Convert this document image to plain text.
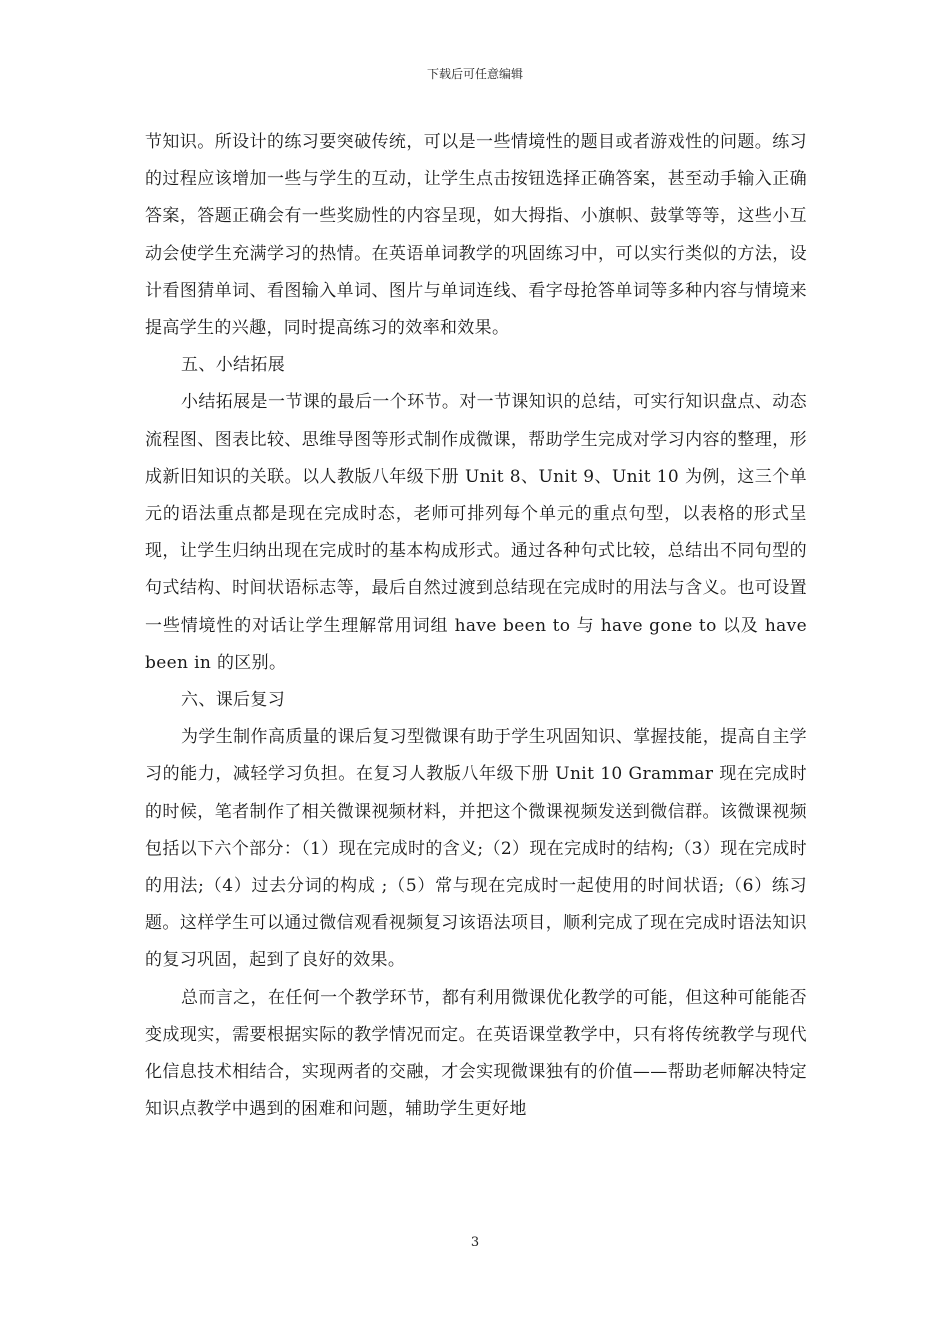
下载后可任意编辑

节知识。所设计的练习要突破传统，可以是一些情境性的题目或者游戏性的问题。练习的过程应该增加一些与学生的互动，让学生点击按钮选择正确答案，甚至动手输入正确答案，答题正确会有一些奖励性的内容呈现，如大拇指、小旗帜、鼓掌等等，这些小互动会使学生充满学习的热情。在英语单词教学的巩固练习中，可以实行类似的方法，设计看图猜单词、看图输入单词、图片与单词连线、看字母抢答单词等多种内容与情境来提高学生的兴趣，同时提高练习的效率和效果。

五、小结拓展

小结拓展是一节课的最后一个环节。对一节课知识的总结，可实行知识盘点、动态流程图、图表比较、思维导图等形式制作成微课，帮助学生完成对学习内容的整理，形成新旧知识的关联。以人教版八年级下册 Unit 8、Unit 9、Unit 10 为例，这三个单元的语法重点都是现在完成时态，老师可排列每个单元的重点句型，以表格的形式呈现，让学生归纳出现在完成时的基本构成形式。通过各种句式比较，总结出不同句型的句式结构、时间状语标志等，最后自然过渡到总结现在完成时的用法与含义。也可设置一些情境性的对话让学生理解常用词组 have been to 与 have gone to 以及 have been in 的区别。

六、课后复习

为学生制作高质量的课后复习型微课有助于学生巩固知识、掌握技能，提高自主学习的能力，减轻学习负担。在复习人教版八年级下册 Unit 10 Grammar 现在完成时的时候，笔者制作了相关微课视频材料，并把这个微课视频发送到微信群。该微课视频包括以下六个部分：（1）现在完成时的含义;（2）现在完成时的结构;（3）现在完成时的用法;（4）过去分词的构成 ;（5）常与现在完成时一起使用的时间状语;（6）练习题。这样学生可以通过微信观看视频复习该语法项目，顺利完成了现在完成时语法知识的复习巩固，起到了良好的效果。

总而言之，在任何一个教学环节，都有利用微课优化教学的可能，但这种可能能否变成现实，需要根据实际的教学情况而定。在英语课堂教学中，只有将传统教学与现代化信息技术相结合，实现两者的交融，才会实现微课独有的价值——帮助老师解决特定知识点教学中遇到的困难和问题，辅助学生更好地

3
